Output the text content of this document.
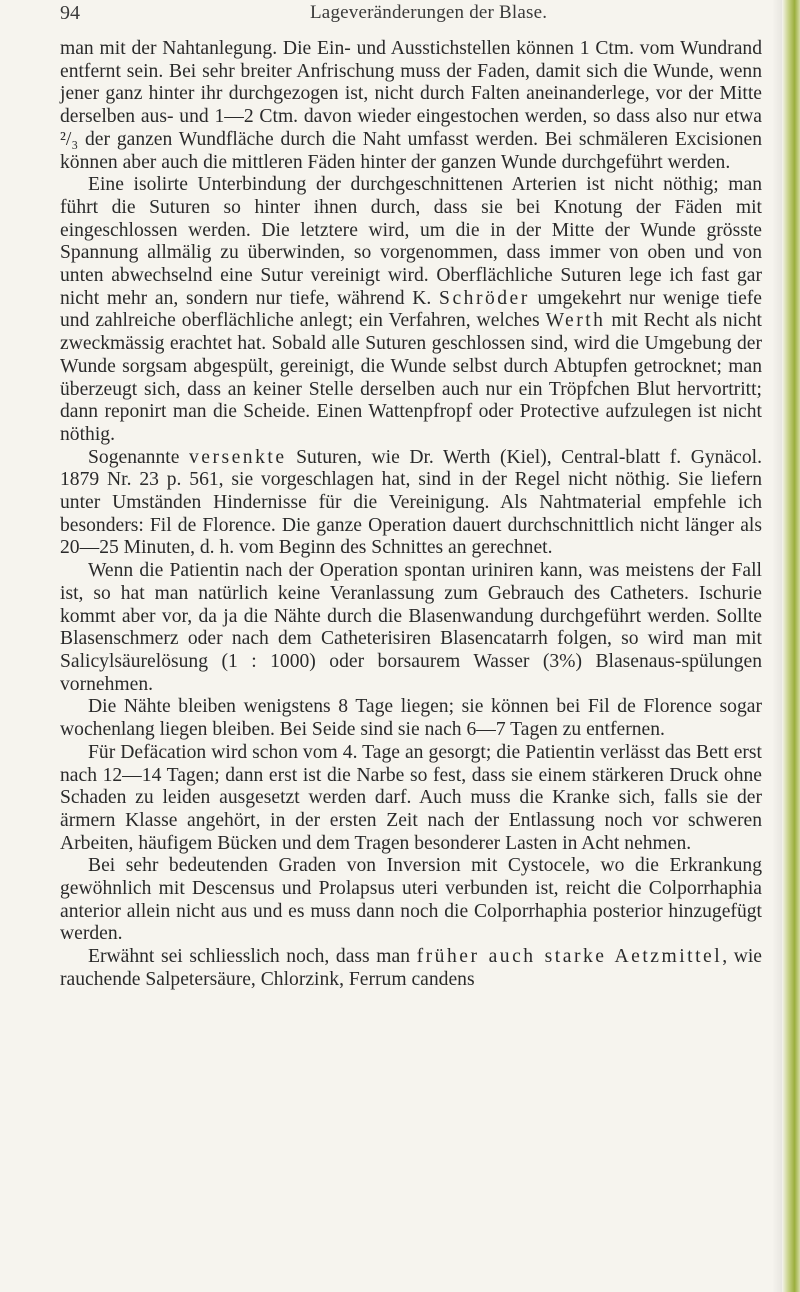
94	Lageveränderungen der Blase.

man mit der Nahtanlegung. Die Ein- und Ausstichstellen können 1 Ctm. vom Wundrand entfernt sein. Bei sehr breiter Anfrischung muss der Faden, damit sich die Wunde, wenn jener ganz hinter ihr durchgezogen ist, nicht durch Falten aneinanderlege, vor der Mitte derselben aus- und 1—2 Ctm. davon wieder eingestochen werden, so dass also nur etwa ²/₃ der ganzen Wundfläche durch die Naht umfasst werden. Bei schmäleren Excisionen können aber auch die mittleren Fäden hinter der ganzen Wunde durchgeführt werden.

Eine isolirte Unterbindung der durchgeschnittenen Arterien ist nicht nöthig; man führt die Suturen so hinter ihnen durch, dass sie bei Knotung der Fäden mit eingeschlossen werden. Die letztere wird, um die in der Mitte der Wunde grösste Spannung allmälig zu überwinden, so vorgenommen, dass immer von oben und von unten abwechselnd eine Sutur vereinigt wird. Oberflächliche Suturen lege ich fast gar nicht mehr an, sondern nur tiefe, während K. Schröder umgekehrt nur wenige tiefe und zahlreiche oberflächliche anlegt; ein Verfahren, welches Werth mit Recht als nicht zweckmässig erachtet hat. Sobald alle Suturen geschlossen sind, wird die Umgebung der Wunde sorgsam abgespült, gereinigt, die Wunde selbst durch Abtupfen getrocknet; man überzeugt sich, dass an keiner Stelle derselben auch nur ein Tröpfchen Blut hervortritt; dann reponirt man die Scheide. Einen Wattenpfropf oder Protective aufzulegen ist nicht nöthig.

Sogenannte versenkte Suturen, wie Dr. Werth (Kiel), Central-blatt f. Gynäcol. 1879 Nr. 23 p. 561, sie vorgeschlagen hat, sind in der Regel nicht nöthig. Sie liefern unter Umständen Hindernisse für die Vereinigung. Als Nahtmaterial empfehle ich besonders: Fil de Florence. Die ganze Operation dauert durchschnittlich nicht länger als 20—25 Minuten, d. h. vom Beginn des Schnittes an gerechnet.

Wenn die Patientin nach der Operation spontan uriniren kann, was meistens der Fall ist, so hat man natürlich keine Veranlassung zum Gebrauch des Catheters. Ischurie kommt aber vor, da ja die Nähte durch die Blasenwandung durchgeführt werden. Sollte Blasenschmerz oder nach dem Catheterisiren Blasencatarrh folgen, so wird man mit Salicylsäurelösung (1 : 1000) oder borsaurem Wasser (3%) Blasenaus-spülungen vornehmen.

Die Nähte bleiben wenigstens 8 Tage liegen; sie können bei Fil de Florence sogar wochenlang liegen bleiben. Bei Seide sind sie nach 6—7 Tagen zu entfernen.

Für Defäcation wird schon vom 4. Tage an gesorgt; die Patientin verlässt das Bett erst nach 12—14 Tagen; dann erst ist die Narbe so fest, dass sie einem stärkeren Druck ohne Schaden zu leiden ausgesetzt werden darf. Auch muss die Kranke sich, falls sie der ärmern Klasse angehört, in der ersten Zeit nach der Entlassung noch vor schweren Arbeiten, häufigem Bücken und dem Tragen besonderer Lasten in Acht nehmen.

Bei sehr bedeutenden Graden von Inversion mit Cystocele, wo die Erkrankung gewöhnlich mit Descensus und Prolapsus uteri verbunden ist, reicht die Colporrhaphia anterior allein nicht aus und es muss dann noch die Colporrhaphia posterior hinzugefügt werden.

Erwähnt sei schliesslich noch, dass man früher auch starke Aetzmittel, wie rauchende Salpetersäure, Chlorzink, Ferrum candens
